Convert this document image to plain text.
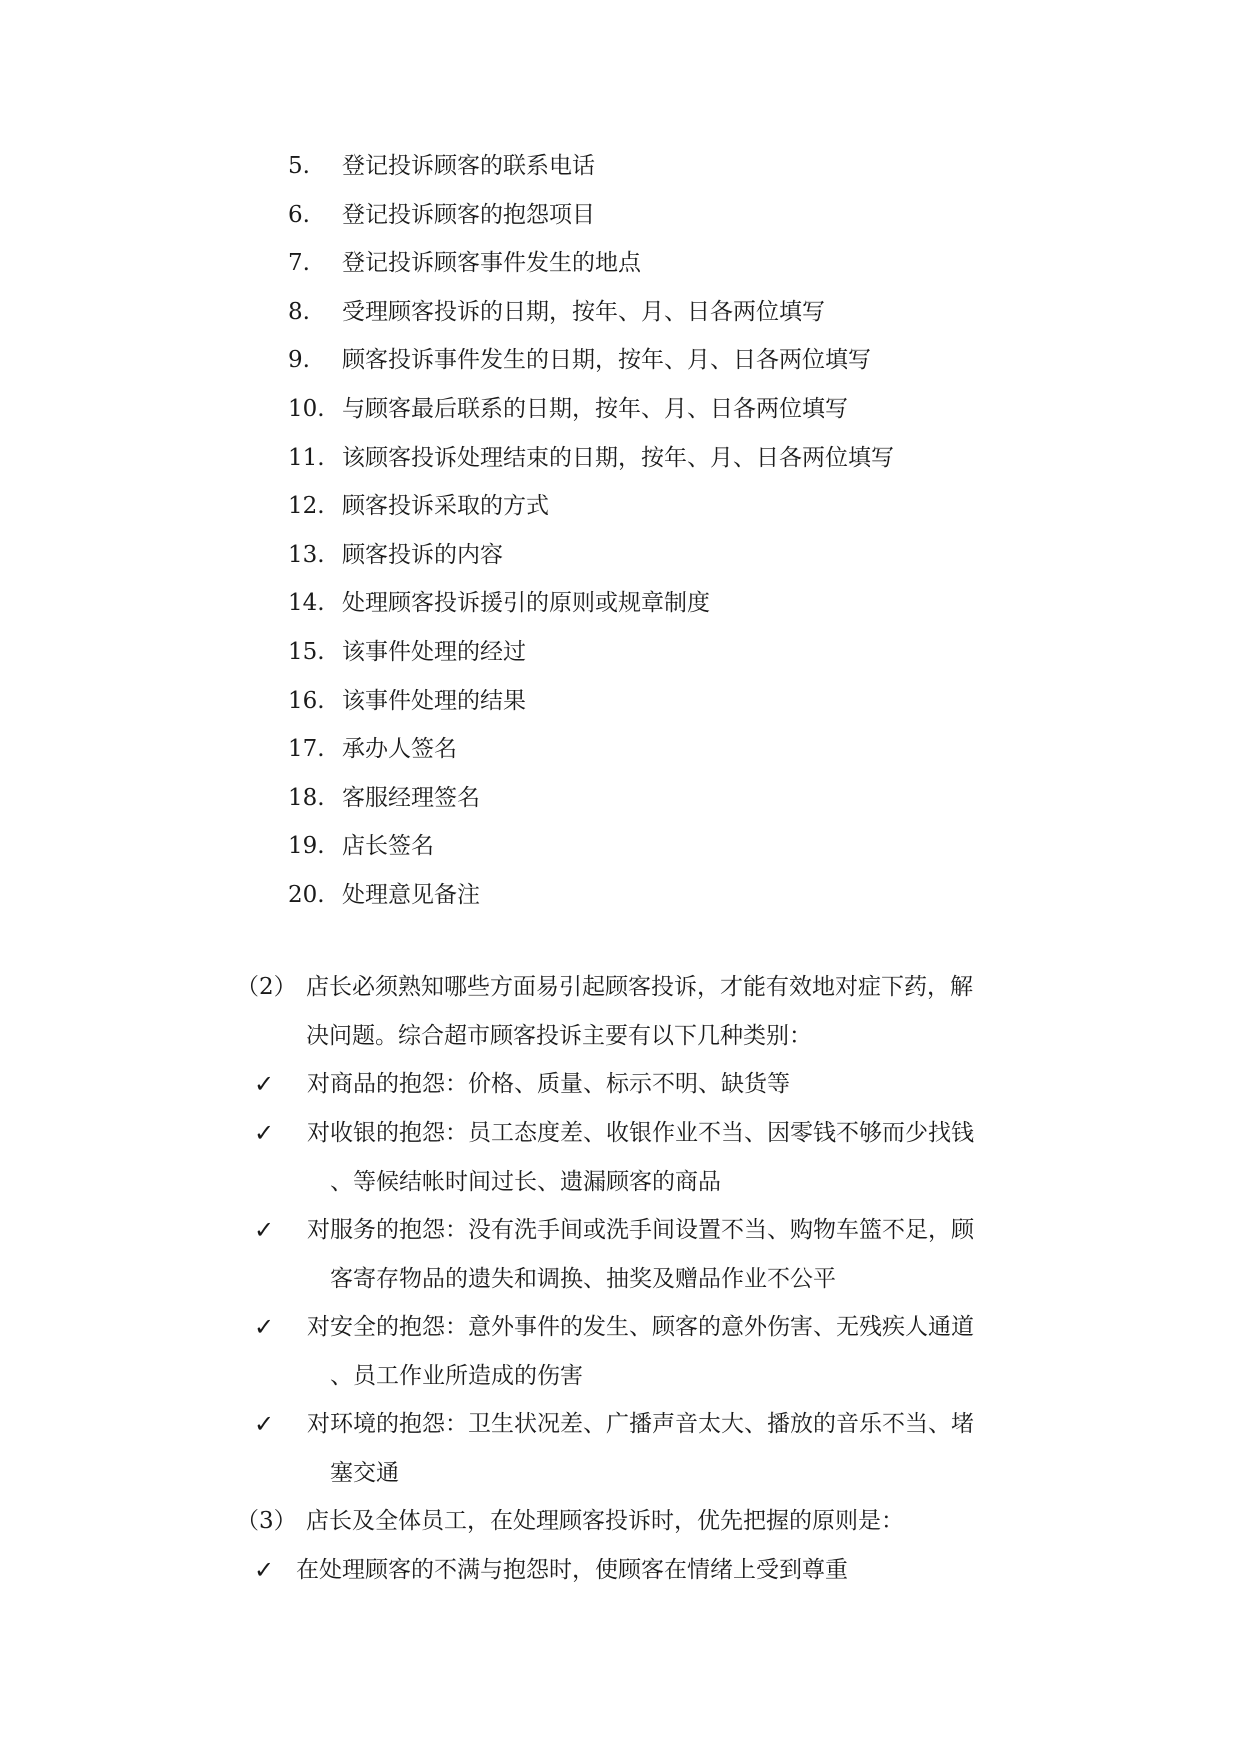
5. 登记投诉顾客的联系电话
6. 登记投诉顾客的抱怨项目
7. 登记投诉顾客事件发生的地点
8. 受理顾客投诉的日期，按年、月、日各两位填写
9. 顾客投诉事件发生的日期，按年、月、日各两位填写
10. 与顾客最后联系的日期，按年、月、日各两位填写
11. 该顾客投诉处理结束的日期，按年、月、日各两位填写
12. 顾客投诉采取的方式
13. 顾客投诉的内容
14. 处理顾客投诉援引的原则或规章制度
15. 该事件处理的经过
16. 该事件处理的结果
17. 承办人签名
18. 客服经理签名
19. 店长签名
20. 处理意见备注
（2） 店长必须熟知哪些方面易引起顾客投诉，才能有效地对症下药，解
决问题。综合超市顾客投诉主要有以下几种类别：
✓ 对商品的抱怨：价格、质量、标示不明、缺货等
✓ 对收银的抱怨：员工态度差、收银作业不当、因零钱不够而少找钱
、等候结帐时间过长、遗漏顾客的商品
✓ 对服务的抱怨：没有洗手间或洗手间设置不当、购物车篮不足，顾
客寄存物品的遗失和调换、抽奖及赠品作业不公平
✓ 对安全的抱怨：意外事件的发生、顾客的意外伤害、无残疾人通道
、员工作业所造成的伤害
✓ 对环境的抱怨：卫生状况差、广播声音太大、播放的音乐不当、堵
塞交通
（3） 店长及全体员工，在处理顾客投诉时，优先把握的原则是：
✓ 在处理顾客的不满与抱怨时，使顾客在情绪上受到尊重
